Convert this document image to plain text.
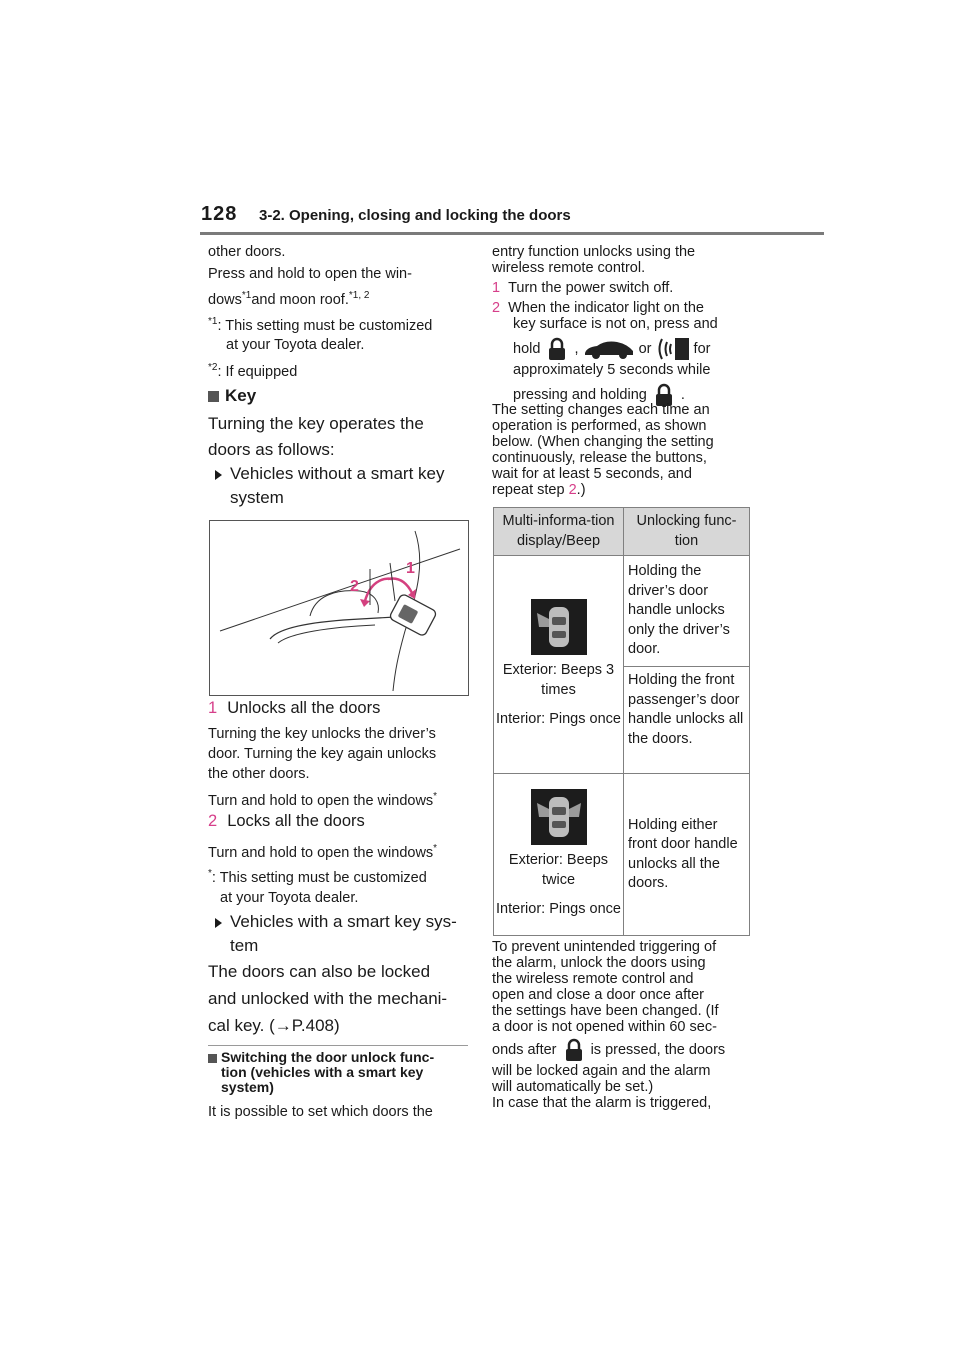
128 3-2. Opening, closing and locking the doors
other doors.
Press and hold to open the win-
dows$^{*1}$and moon roof.$^{*1, 2}$
$^{*1}$: This setting must be customized
at your Toyota dealer.
$^{*2}$: If equipped
Key
Turning the key operates the
doors as follows:
Vehicles without a smart key
system
1
2
1 Unlocks all the doors
Turning the key unlocks the driver’s
door. Turning the key again unlocks
the other doors.
Turn and hold to open the windows*
2 Locks all the doors
Turn and hold to open the windows*
*: This setting must be customized
at your Toyota dealer.
Vehicles with a smart key sys-
tem
The doors can also be locked
and unlocked with the mechani-
cal key. (→P.408)
Switching the door unlock func-
tion (vehicles with a smart key
system)
It is possible to set which doors the
entry function unlocks using the
wireless remote control.
1 Turn the power switch off.
2 When the indicator light on the
key surface is not on, press and
hold ,	or	for
approximately 5 seconds while
pressing and holding .
The setting changes each time an
operation is performed, as shown
below. (When changing the setting
continuously, release the buttons,
wait for at least 5 seconds, and
repeat step 2.)
Multi-informa-tion display/Beep	Unlocking func-tion

Exterior: Beeps 3 times
Interior: Pings once	Holding the driver’s door handle unlocks only the driver’s door.
	Holding the front passenger’s door handle unlocks all the doors.

Exterior: Beeps twice
Interior: Pings once	Holding either front door handle unlocks all the doors.
To prevent unintended triggering of
the alarm, unlock the doors using
the wireless remote control and
open and close a door once after
the settings have been changed. (If
a door is not opened within 60 sec-
onds after is pressed, the doors
will be locked again and the alarm
will automatically be set.)
In case that the alarm is triggered,
